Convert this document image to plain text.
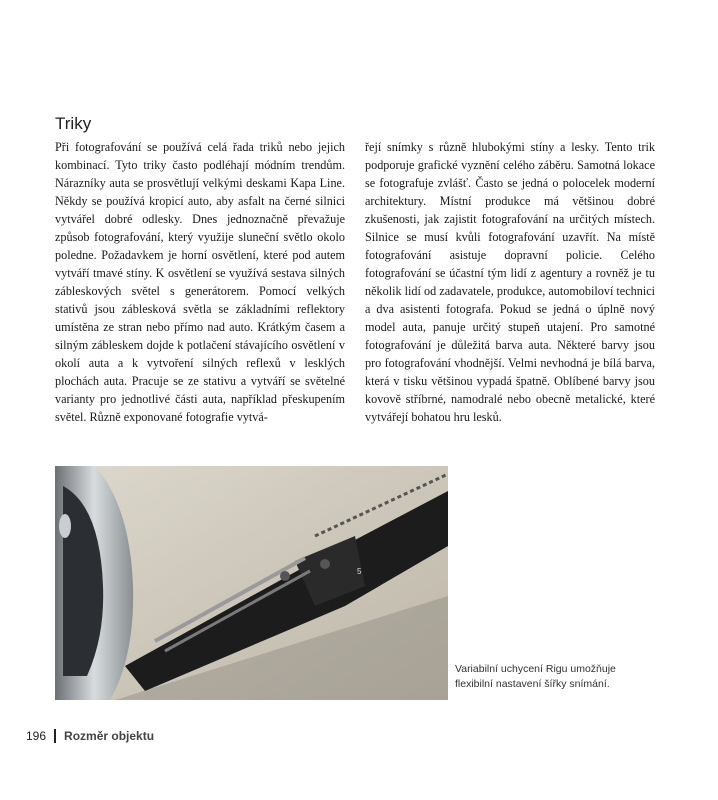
Triky

Při fotografování se používá celá řada triků nebo jejich kombinací. Tyto triky často podléhají módním trendům. Nárazníky auta se prosvětlují velkými deskami Kapa Line. Někdy se používá kropicí auto, aby asfalt na černé silnici vytvářel dobré odlesky. Dnes jednoznačně převažuje způsob fotografování, který využije sluneční světlo okolo poledne. Požadavkem je horní osvětlení, které pod autem vytváří tmavé stíny. K osvětlení se využívá sestava silných zábleskových světel s generátorem. Pomocí velkých stativů jsou záblesková světla se základními reflektory umístěna ze stran nebo přímo nad auto. Krátkým časem a silným zábleskem dojde k potlačení stávajícího osvětlení v okolí auta a k vytvoření silných reflexů v lesklých plochách auta. Pracuje se ze stativu a vytváří se světelné varianty pro jednotlivé části auta, například přeskupením světel. Různě exponované fotografie vytvá-

řejí snímky s různě hlubokými stíny a lesky. Tento trik podporuje grafické vyznění celého záběru. Samotná lokace se fotografuje zvlášť. Často se jedná o polocelek moderní architektury. Místní produkce má většinou dobré zkušenosti, jak zajistit fotografování na určitých místech. Silnice se musí kvůli fotografování uzavřít. Na místě fotografování asistuje dopravní policie. Celého fotografování se účastní tým lidí z agentury a rovněž je tu několik lidí od zadavatele, produkce, automobiloví technici a dva asistenti fotografa. Pokud se jedná o úplně nový model auta, panuje určitý stupeň utajení. Pro samotné fotografování je důležitá barva auta. Některé barvy jsou pro fotografování vhodnější. Velmi nevhodná je bílá barva, která v tisku většinou vypadá špatně. Oblíbené barvy jsou kovově stříbrné, namodralé nebo obecně metalické, které vytvářejí bohatou hru lesků.

5
Variabilní uchycení Rigu umožňuje flexibilní nastavení šířky snímání.
196 Rozměr objektu
